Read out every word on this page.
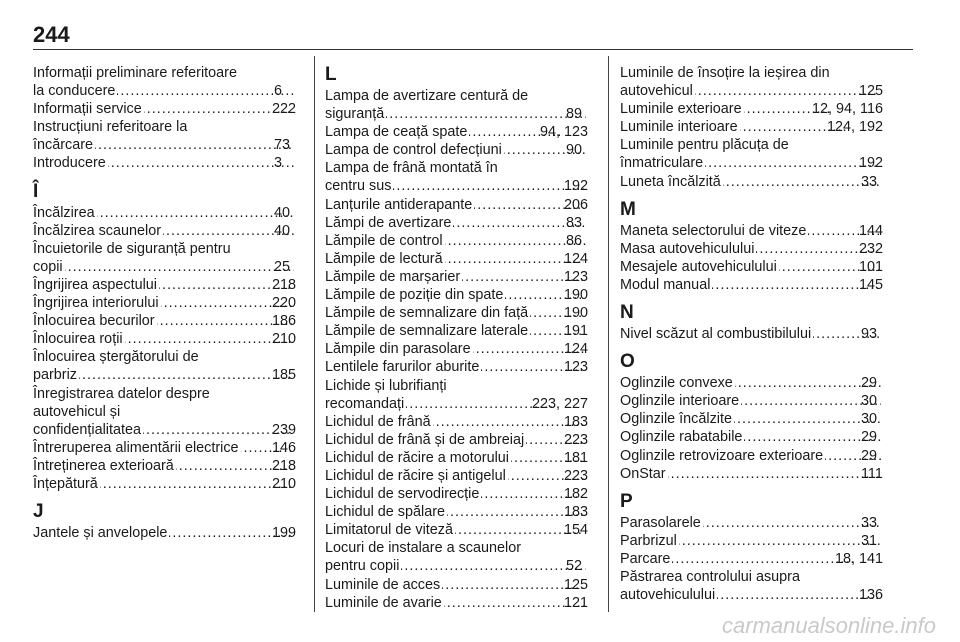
244
Informații preliminare referitoare
la conducere .....	6
Informații service .....	222
Instrucțiuni referitoare la
încărcare .....	73
Introducere .....	3
Î
Încălzirea .....	40
Încălzirea scaunelor .....	40
Încuietorile de siguranță pentru
copii .....	25
Îngrijirea aspectului .....	218
Îngrijirea interiorului .....	220
Înlocuirea becurilor .....	186
Înlocuirea roții .....	210
Înlocuirea ștergătorului de
parbriz .....	185
Înregistrarea datelor despre
autovehicul și
confidențialitatea .....	239
Întreruperea alimentării electrice ..... 146
Întreținerea exterioară .....	218
Înțepătură .....	210
J
Jantele și anvelopele .....	199
L
Lampa de avertizare centură de
siguranță .....	89
Lampa de ceață spate .....	94, 123
Lampa de control defecțiuni .....	90
Lampa de frână montată în
centru sus .....	192
Lanțurile antiderapante .....	206
Lămpi de avertizare .....	83
Lămpile de control .....	86
Lămpile de lectură .....	124
Lămpile de marșarier .....	123
Lămpile de poziție din spate .....	190
Lămpile de semnalizare din față ..... 190
Lămpile de semnalizare laterale ..... 191
Lămpile din parasolare .....	124
Lentilele farurilor aburite .....	123
Lichide și lubrifianți
recomandați .....	223, 227
Lichidul de frână .....	183
Lichidul de frână și de ambreiaj .....	223
Lichidul de răcire a motorului .....	181
Lichidul de răcire și antigelul .....	223
Lichidul de servodirecție .....	182
Lichidul de spălare .....	183
Limitatorul de viteză .....	154
Locuri de instalare a scaunelor
pentru copii .....	52
Luminile de acces .....	125
Luminile de avarie .....	121
Luminile de însoțire la ieșirea din
autovehicul .....	125
Luminile exterioare .....	12, 94, 116
Luminile interioare .....	124, 192
Luminile pentru plăcuța de
înmatriculare .....	192
Luneta încălzită .....	33
M
Maneta selectorului de viteze .....	144
Masa autovehiculului .....	232
Mesajele autovehiculului .....	101
Modul manual .....	145
N
Nivel scăzut al combustibilului .....	93
O
Oglinzile convexe .....	29
Oglinzile interioare .....	30
Oglinzile încălzite .....	30
Oglinzile rabatabile .....	29
Oglinzile retrovizoare exterioare .....	29
OnStar .....	111
P
Parasolarele .....	33
Parbrizul .....	31
Parcare .....	18, 141
Păstrarea controlului asupra
autovehiculului .....	136
carmanualsonline.info
